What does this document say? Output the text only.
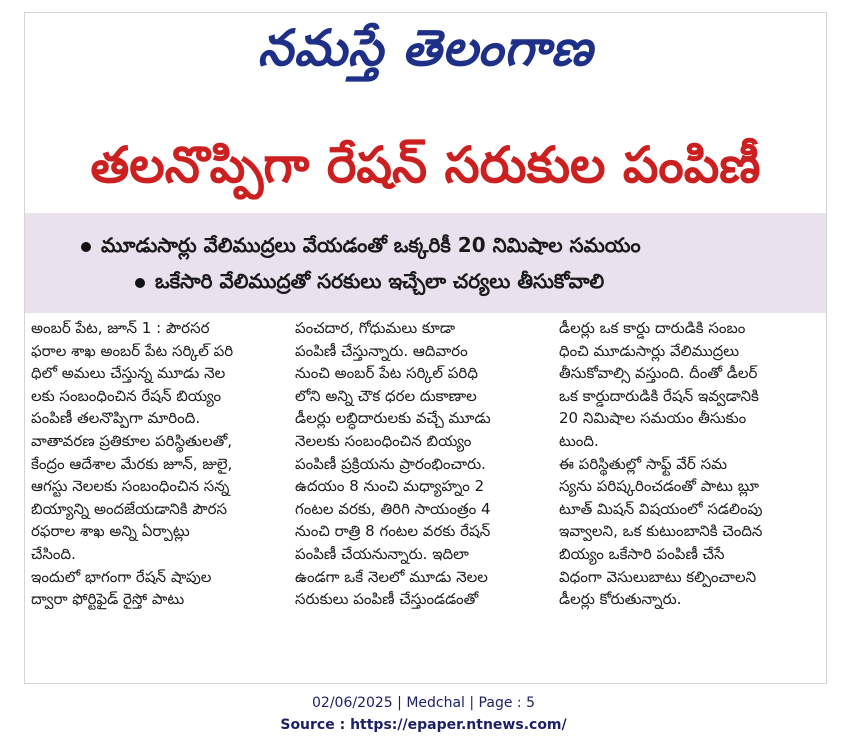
నమస్తే తెలంగాణ
తలనొప్పిగా రేషన్ సరుకుల పంపిణీ
మూడుసార్లు వేలిముద్రలు వేయడంతో ఒక్కరికీ 20 నిమిషాల సమయం
ఒకేసారి వేలిముద్రతో సరకులు ఇచ్చేలా చర్యలు తీసుకోవాలి

అంబర్ పేట, జూన్ 1 : పౌరసర
ఫరాల శాఖ అంబర్ పేట సర్కిల్ పరి
ధిలో అమలు చేస్తున్న మూడు నెల
లకు సంబంధించిన రేషన్ బియ్యం
పంపిణీ తలనొప్పిగా మారింది.
వాతావరణ ప్రతికూల పరిస్థితులతో,
కేంద్రం ఆదేశాల మేరకు జూన్, జులై,
ఆగస్టు నెలలకు సంబంధించిన సన్న
బియ్యాన్ని అందజేయడానికి పౌరస
రఫరాల శాఖ అన్ని ఏర్పాట్లు
చేసింది.
ఇందులో భాగంగా రేషన్ షాపుల
ద్వారా ఫోర్టిఫైడ్ రైస్తో పాటు

పంచదార, గోధుమలు కూడా
పంపిణీ చేస్తున్నారు. ఆదివారం
నుంచి అంబర్ పేట సర్కిల్ పరిధి
లోని అన్ని చౌక ధరల దుకాణాల
డీలర్లు లబ్ధిదారులకు వచ్చే మూడు
నెలలకు సంబంధించిన బియ్యం
పంపిణీ ప్రక్రియను ప్రారంభించారు.
ఉదయం 8 నుంచి మధ్యాహ్నం 2
గంటల వరకు, తిరిగి సాయంత్రం 4
నుంచి రాత్రి 8 గంటల వరకు రేషన్
పంపిణీ చేయనున్నారు. ఇదిలా
ఉండగా ఒకే నెలలో మూడు నెలల
సరుకులు పంపిణీ చేస్తుండడంతో

డీలర్లు ఒక కార్డు దారుడికి సంబం
ధించి మూడుసార్లు వేలిముద్రలు
తీసుకోవాల్సి వస్తుంది. దీంతో డీలర్
ఒక కార్డుదారుడికి రేషన్ ఇవ్వడానికి
20 నిమిషాల సమయం తీసుకుం
టుంది.
ఈ పరిస్థితుల్లో సాఫ్ట్ వేర్ సమ
స్యను పరిష్కరించడంతో పాటు బ్లూ
టూత్ మిషన్ విషయంలో సడలింపు
ఇవ్వాలని, ఒక కుటుంబానికి చెందిన
బియ్యం ఒకేసారి పంపిణీ చేసే
విధంగా వెసులుబాటు కల్పించాలని
డీలర్లు కోరుతున్నారు.

02/06/2025 | Medchal | Page : 5
Source : https://epaper.ntnews.com/
